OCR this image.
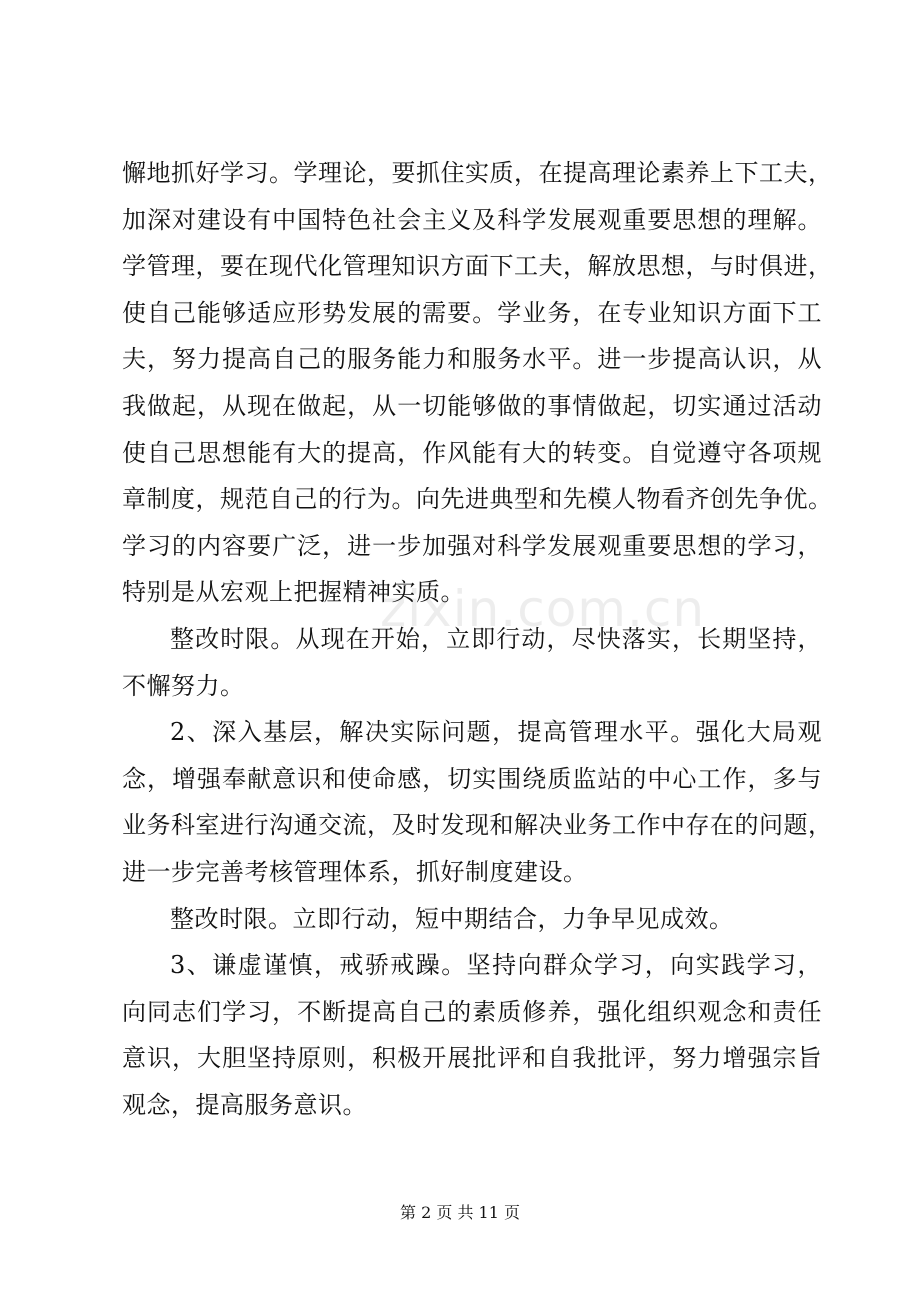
zixin.com.cn
懈地抓好学习。学理论，要抓住实质，在提高理论素养上下工夫，
加深对建设有中国特色社会主义及科学发展观重要思想的理解。
学管理，要在现代化管理知识方面下工夫，解放思想，与时俱进，
使自己能够适应形势发展的需要。学业务，在专业知识方面下工
夫，努力提高自己的服务能力和服务水平。进一步提高认识，从
我做起，从现在做起，从一切能够做的事情做起，切实通过活动
使自己思想能有大的提高，作风能有大的转变。自觉遵守各项规
章制度，规范自己的行为。向先进典型和先模人物看齐创先争优。
学习的内容要广泛，进一步加强对科学发展观重要思想的学习，
特别是从宏观上把握精神实质。
整改时限。从现在开始，立即行动，尽快落实，长期坚持，
不懈努力。
2、深入基层，解决实际问题，提高管理水平。强化大局观
念，增强奉献意识和使命感，切实围绕质监站的中心工作，多与
业务科室进行沟通交流，及时发现和解决业务工作中存在的问题，
进一步完善考核管理体系，抓好制度建设。
整改时限。立即行动，短中期结合，力争早见成效。
3、谦虚谨慎，戒骄戒躁。坚持向群众学习，向实践学习，
向同志们学习，不断提高自己的素质修养，强化组织观念和责任
意识，大胆坚持原则，积极开展批评和自我批评，努力增强宗旨
观念，提高服务意识。
第 2 页 共 11 页
